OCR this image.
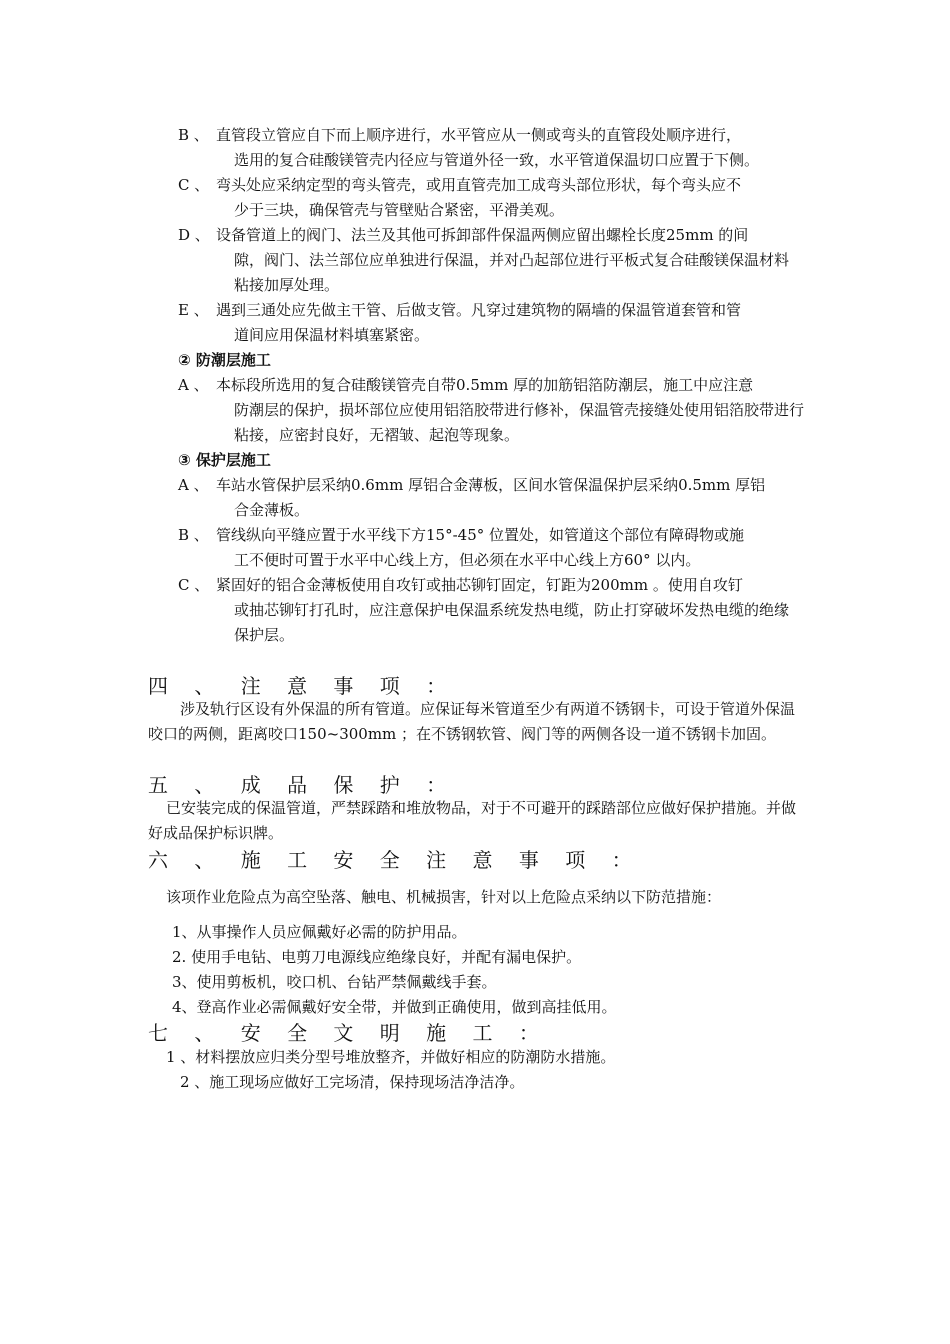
B 、 直管段立管应自下而上顺序进行，水平管应从一侧或弯头的直管段处顺序进行，
选用的复合硅酸镁管壳内径应与管道外径一致，水平管道保温切口应置于下侧。
C 、 弯头处应采纳定型的弯头管壳，或用直管壳加工成弯头部位形状，每个弯头应不
少于三块，确保管壳与管壁贴合紧密，平滑美观。
D 、 设备管道上的阀门、法兰及其他可拆卸部件保温两侧应留出螺栓长度25mm 的间
隙，阀门、法兰部位应单独进行保温，并对凸起部位进行平板式复合硅酸镁保温材料粘接加厚处理。
E 、 遇到三通处应先做主干管、后做支管。凡穿过建筑物的隔墙的保温管道套管和管
道间应用保温材料填塞紧密。
② 防潮层施工
A 、 本标段所选用的复合硅酸镁管壳自带0.5mm 厚的加筋铝箔防潮层，施工中应注意
防潮层的保护，损坏部位应使用铝箔胶带进行修补，保温管壳接缝处使用铝箔胶带进行粘接，应密封良好，无褶皱、起泡等现象。
③ 保护层施工
A 、 车站水管保护层采纳0.6mm 厚铝合金薄板，区间水管保温保护层采纳0.5mm 厚铝
合金薄板。
B 、 管线纵向平缝应置于水平线下方15°-45° 位置处，如管道这个部位有障碍物或施
工不便时可置于水平中心线上方，但必须在水平中心线上方60° 以内。
C 、 紧固好的铝合金薄板使用自攻钉或抽芯铆钉固定，钉距为200mm 。使用自攻钉
或抽芯铆钉打孔时，应注意保护电保温系统发热电缆，防止打穿破坏发热电缆的绝缘保护层。
四 、 注 意 事 项 ：
涉及轨行区设有外保温的所有管道。应保证每米管道至少有两道不锈钢卡，可设于管道外保温咬口的两侧，距离咬口150~300mm ；在不锈钢软管、阀门等的两侧各设一道不锈钢卡加固。
五 、 成 品 保 护 ：
已安装完成的保温管道，严禁踩踏和堆放物品，对于不可避开的踩踏部位应做好保护措施。并做好成品保护标识牌。
六 、 施 工 安 全 注 意 事 项 ：
该项作业危险点为高空坠落、触电、机械损害，针对以上危险点采纳以下防范措施：
1、从事操作人员应佩戴好必需的防护用品。
2. 使用手电钻、电剪刀电源线应绝缘良好，并配有漏电保护。
3、使用剪板机，咬口机、台钻严禁佩戴线手套。
4、登高作业必需佩戴好安全带，并做到正确使用，做到高挂低用。
七 、 安 全 文 明 施 工 ：
1 、材料摆放应归类分型号堆放整齐，并做好相应的防潮防水措施。
2 、施工现场应做好工完场清，保持现场洁净洁净。
